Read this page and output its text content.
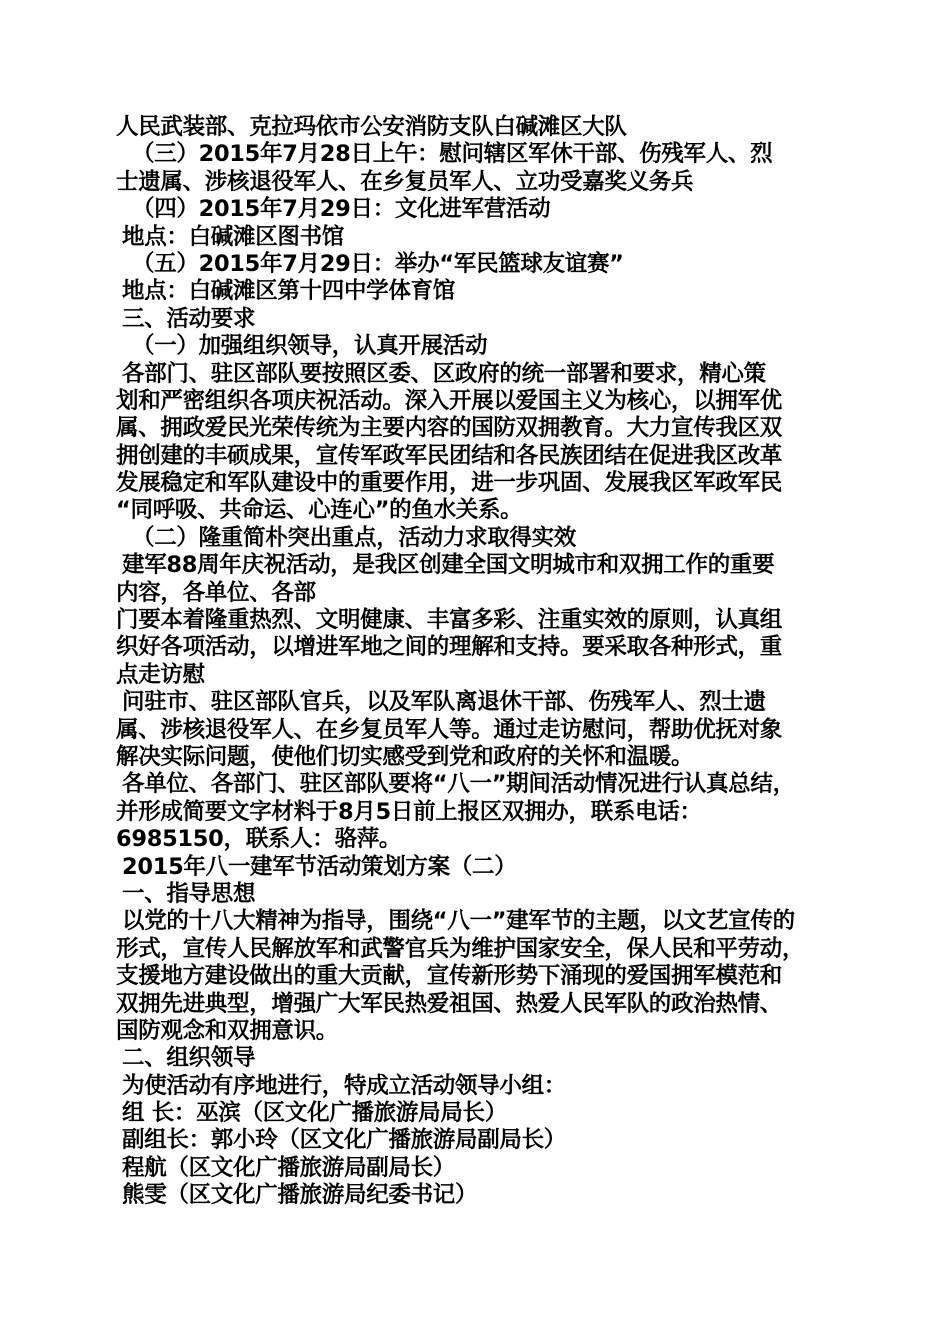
人民武装部、克拉玛依市公安消防支队白碱滩区大队
（三）2015年7月28日上午：慰问辖区军休干部、伤残军人、烈
士遗属、涉核退役军人、在乡复员军人、立功受嘉奖义务兵
（四）2015年7月29日：文化进军营活动
地点：白碱滩区图书馆
（五）2015年7月29日：举办“军民篮球友谊赛”
地点：白碱滩区第十四中学体育馆
三、活动要求
（一）加强组织领导，认真开展活动
各部门、驻区部队要按照区委、区政府的统一部署和要求，精心策
划和严密组织各项庆祝活动。深入开展以爱国主义为核心，以拥军优
属、拥政爱民光荣传统为主要内容的国防双拥教育。大力宣传我区双
拥创建的丰硕成果，宣传军政军民团结和各民族团结在促进我区改革
发展稳定和军队建设中的重要作用，进一步巩固、发展我区军政军民
“同呼吸、共命运、心连心”的鱼水关系。
（二）隆重简朴突出重点，活动力求取得实效
建军88周年庆祝活动，是我区创建全国文明城市和双拥工作的重要
内容，各单位、各部
门要本着隆重热烈、文明健康、丰富多彩、注重实效的原则，认真组
织好各项活动，以增进军地之间的理解和支持。要采取各种形式，重
点走访慰
问驻市、驻区部队官兵，以及军队离退休干部、伤残军人、烈士遗
属、涉核退役军人、在乡复员军人等。通过走访慰问，帮助优抚对象
解决实际问题，使他们切实感受到党和政府的关怀和温暖。
各单位、各部门、驻区部队要将“八一”期间活动情况进行认真总结，
并形成简要文字材料于8月5日前上报区双拥办，联系电话：
6985150，联系人：骆萍。
2015年八一建军节活动策划方案（二）
一、指导思想
以党的十八大精神为指导，围绕“八一”建军节的主题，以文艺宣传的
形式，宣传人民解放军和武警官兵为维护国家安全，保人民和平劳动，
支援地方建设做出的重大贡献，宣传新形势下涌现的爱国拥军模范和
双拥先进典型，增强广大军民热爱祖国、热爱人民军队的政治热情、
国防观念和双拥意识。
二、组织领导
为使活动有序地进行，特成立活动领导小组：
组 长：巫滨（区文化广播旅游局局长）
副组长：郭小玲（区文化广播旅游局副局长）
程航（区文化广播旅游局副局长）
熊雯（区文化广播旅游局纪委书记）
